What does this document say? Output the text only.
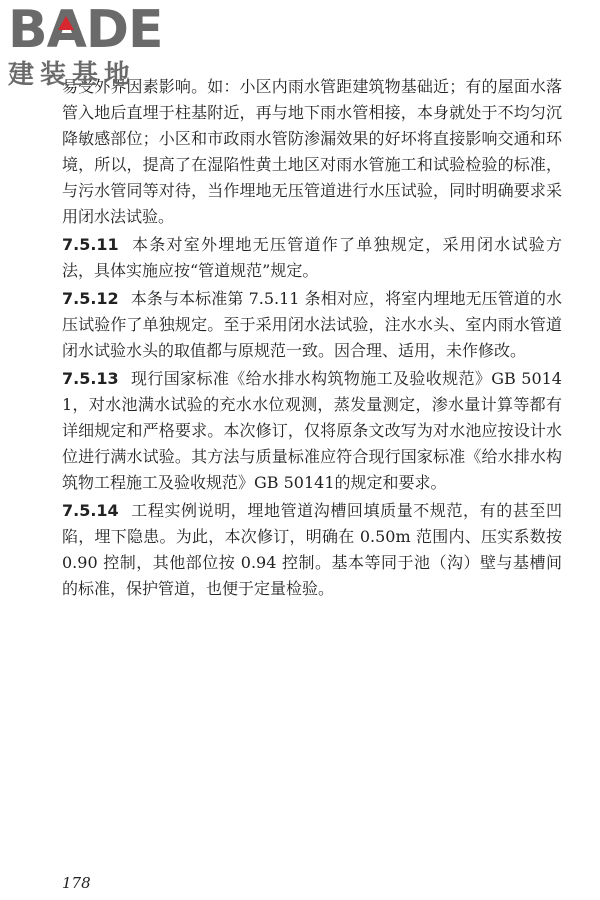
B A DE
建装基地

易受外界因素影响。如：小区内雨水管距建筑物基础近；有的屋面水落管入地后直埋于柱基附近，再与地下雨水管相接，本身就处于不均匀沉降敏感部位；小区和市政雨水管防渗漏效果的好坏将直接影响交通和环境，所以，提高了在湿陷性黄土地区对雨水管施工和试验检验的标准，与污水管同等对待，当作埋地无压管道进行水压试验，同时明确要求采用闭水法试验。

7.5.11 本条对室外埋地无压管道作了单独规定，采用闭水试验方法，具体实施应按“管道规范”规定。

7.5.12 本条与本标准第 7.5.11 条相对应，将室内埋地无压管道的水压试验作了单独规定。至于采用闭水法试验，注水水头、室内雨水管道闭水试验水头的取值都与原规范一致。因合理、适用，未作修改。

7.5.13 现行国家标准《给水排水构筑物施工及验收规范》GB 50141，对水池满水试验的充水水位观测，蒸发量测定，渗水量计算等都有详细规定和严格要求。本次修订，仅将原条文改写为对水池应按设计水位进行满水试验。其方法与质量标准应符合现行国家标准《给水排水构筑物工程施工及验收规范》GB 50141的规定和要求。

7.5.14 工程实例说明，埋地管道沟槽回填质量不规范，有的甚至凹陷，埋下隐患。为此，本次修订，明确在 0.50m 范围内、压实系数按 0.90 控制，其他部位按 0.94 控制。基本等同于池（沟）壁与基槽间的标准，保护管道，也便于定量检验。

178
